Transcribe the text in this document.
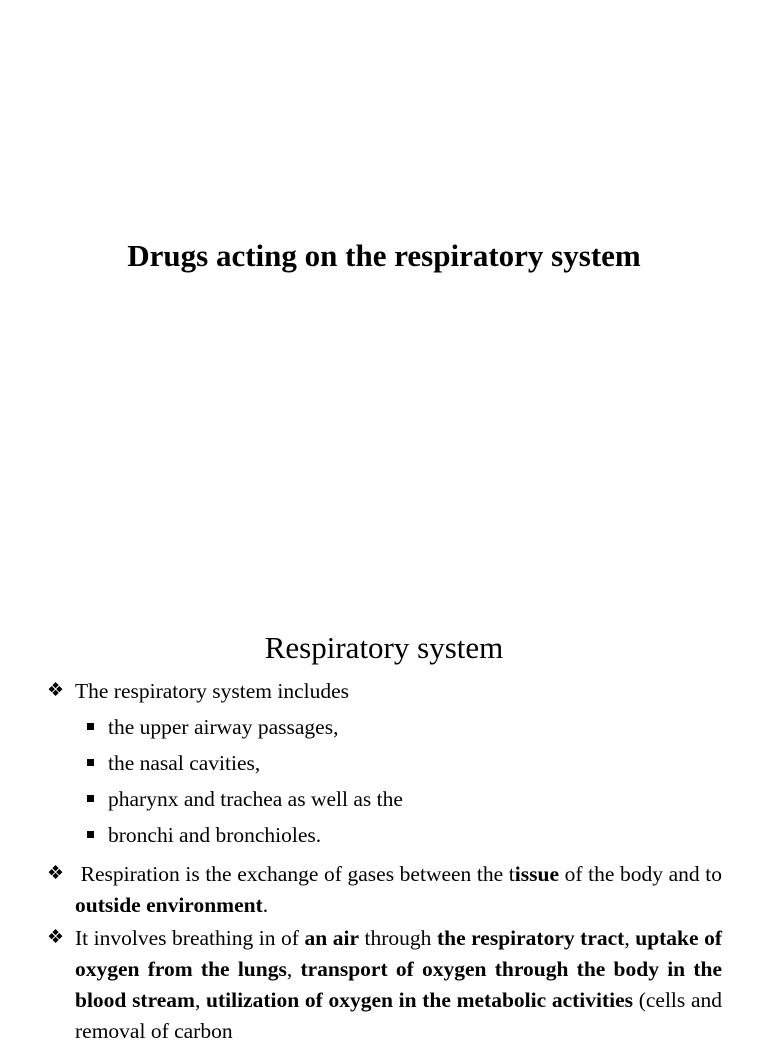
Drugs acting on the respiratory system
Respiratory system
❖ The respiratory system includes
the upper airway passages,
the nasal cavities,
pharynx and trachea as well as the
bronchi and bronchioles.
❖ Respiration is the exchange of gases between the tissue of the body and to outside environment.
❖ It involves breathing in of an air through the respiratory tract, uptake of oxygen from the lungs, transport of oxygen through the body in the blood stream, utilization of oxygen in the metabolic activities (cells and removal of carbon
